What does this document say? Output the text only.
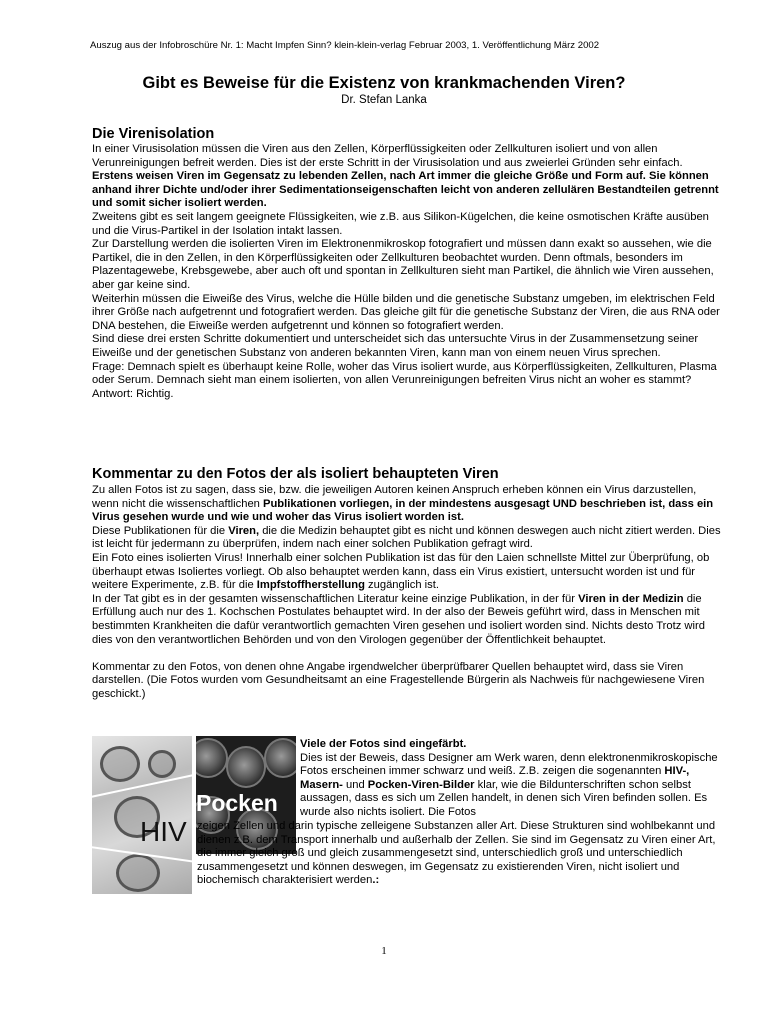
Auszug aus der Infobroschüre Nr. 1: Macht Impfen Sinn? klein-klein-verlag Februar 2003, 1. Veröffentlichung März 2002
Gibt es Beweise für die Existenz von krankmachenden Viren?
Dr. Stefan Lanka
Die Virenisolation

In einer Virusisolation müssen die Viren aus den Zellen, Körperflüssigkeiten oder Zellkulturen isoliert und von allen Verunreinigungen befreit werden. Dies ist der erste Schritt in der Virusisolation und aus zweierlei Gründen sehr einfach.

Erstens weisen Viren im Gegensatz zu lebenden Zellen, nach Art immer die gleiche Größe und Form auf. Sie können anhand ihrer Dichte und/oder ihrer Sedimentationseigenschaften leicht von anderen zellulären Bestandteilen getrennt und somit sicher isoliert werden.

Zweitens gibt es seit langem geeignete Flüssigkeiten, wie z.B. aus Silikon-Kügelchen, die keine osmotischen Kräfte ausüben und die Virus-Partikel in der Isolation intakt lassen.

Zur Darstellung werden die isolierten Viren im Elektronenmikroskop fotografiert und müssen dann exakt so aussehen, wie die Partikel, die in den Zellen, in den Körperflüssigkeiten oder Zellkulturen beobachtet wurden. Denn oftmals, besonders im Plazentagewebe, Krebsgewebe, aber auch oft und spontan in Zellkulturen sieht man Partikel, die ähnlich wie Viren aussehen, aber gar keine sind.

Weiterhin müssen die Eiweiße des Virus, welche die Hülle bilden und die genetische Substanz umgeben, im elektrischen Feld ihrer Größe nach aufgetrennt und fotografiert werden. Das gleiche gilt für die genetische Substanz der Viren, die aus RNA oder DNA bestehen, die Eiweiße werden aufgetrennt und können so fotografiert werden.

Sind diese drei ersten Schritte dokumentiert und unterscheidet sich das untersuchte Virus in der Zusammensetzung seiner Eiweiße und der genetischen Substanz von anderen bekannten Viren, kann man von einem neuen Virus sprechen.

Frage: Demnach spielt es überhaupt keine Rolle, woher das Virus isoliert wurde, aus Körperflüssigkeiten, Zellkulturen, Plasma oder Serum. Demnach sieht man einem isolierten, von allen Verunreinigungen befreiten Virus nicht an woher es stammt? Antwort: Richtig.

Kommentar zu den Fotos der als isoliert behaupteten Viren

Zu allen Fotos ist zu sagen, dass sie, bzw. die jeweiligen Autoren keinen Anspruch erheben können ein Virus darzustellen, wenn nicht die wissenschaftlichen Publikationen vorliegen, in der mindestens ausgesagt UND beschrieben ist, dass ein Virus gesehen wurde und wie und woher das Virus isoliert worden ist.

Diese Publikationen für die Viren, die die Medizin behauptet gibt es nicht und können deswegen auch nicht zitiert werden. Dies ist leicht für jedermann zu überprüfen, indem nach einer solchen Publikation gefragt wird.

Ein Foto eines isolierten Virus! Innerhalb einer solchen Publikation ist das für den Laien schnellste Mittel zur Überprüfung, ob überhaupt etwas Isoliertes vorliegt. Ob also behauptet werden kann, dass ein Virus existiert, untersucht worden ist und für weitere Experimente, z.B. für die Impfstoffherstellung zugänglich ist.

In der Tat gibt es in der gesamten wissenschaftlichen Literatur keine einzige Publikation, in der für Viren in der Medizin die Erfüllung auch nur des 1. Kochschen Postulates behauptet wird. In der also der Beweis geführt wird, dass in Menschen mit bestimmten Krankheiten die dafür verantwortlich gemachten Viren gesehen und isoliert worden sind. Nichts desto Trotz wird dies von den verantwortlichen Behörden und von den Virologen gegenüber der Öffentlichkeit behauptet.

Kommentar zu den Fotos, von denen ohne Angabe irgendwelcher überprüfbarer Quellen behauptet wird, dass sie Viren darstellen. (Die Fotos wurden vom Gesundheitsamt an eine Fragestellende Bürgerin als Nachweis für nachgewiesene Viren geschickt.)

HIV
Pocken

Viele der Fotos sind eingefärbt.

Dies ist der Beweis, dass Designer am Werk waren, denn elektronenmikroskopische Fotos erscheinen immer schwarz und weiß. Z.B. zeigen die sogenannten HIV-, Masern- und Pocken-Viren-Bilder klar, wie die Bildunterschriften schon selbst aussagen, dass es sich um Zellen handelt, in denen sich Viren befinden sollen. Es wurde also nichts isoliert. Die Fotos

zeigen Zellen und darin typische zelleigene Substanzen aller Art. Diese Strukturen sind wohlbekannt und dienen z.B. dem Transport innerhalb und außerhalb der Zellen. Sie sind im Gegensatz zu Viren einer Art, die immer gleich groß und gleich zusammengesetzt sind, unterschiedlich groß und unterschiedlich zusammengesetzt und können deswegen, im Gegensatz zu existierenden Viren, nicht isoliert und biochemisch charakterisiert werden.:

1
